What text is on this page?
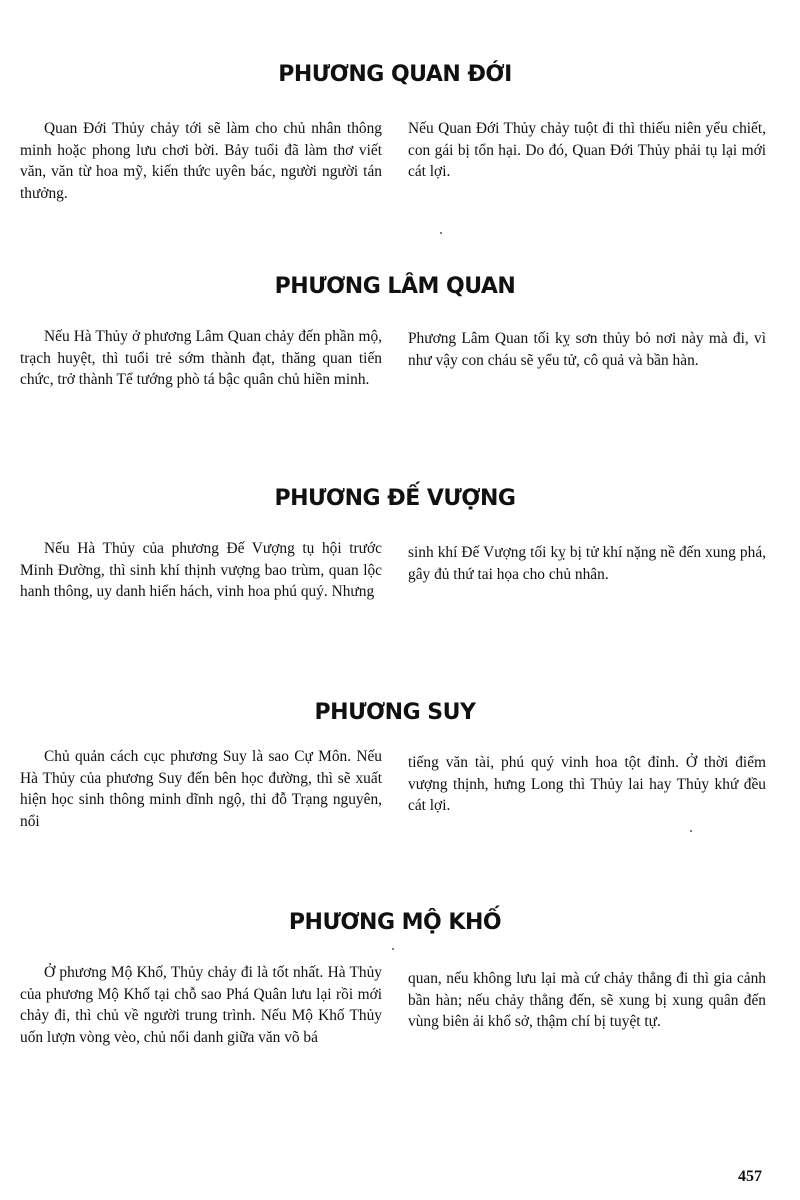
PHƯƠNG QUAN ĐỚI

Quan Đới Thủy chảy tới sẽ làm cho chủ nhân thông minh hoặc phong lưu chơi bời. Bảy tuổi đã làm thơ viết văn, văn từ hoa mỹ, kiến thức uyên bác, người người tán thưởng.

Nếu Quan Đới Thủy chảy tuột đi thì thiếu niên yểu chiết, con gái bị tổn hại. Do đó, Quan Đới Thủy phải tụ lại mới cát lợi.

PHƯƠNG LÂM QUAN

Nếu Hà Thủy ở phương Lâm Quan chảy đến phần mộ, trạch huyệt, thì tuổi trẻ sớm thành đạt, thăng quan tiến chức, trở thành Tể tướng phò tá bậc quân chủ hiền minh.

Phương Lâm Quan tối kỵ sơn thủy bỏ nơi này mà đi, vì như vậy con cháu sẽ yểu tử, cô quả và bần hàn.

PHƯƠNG ĐẾ VƯỢNG

Nếu Hà Thủy của phương Đế Vượng tụ hội trước Minh Đường, thì sinh khí thịnh vượng bao trùm, quan lộc hanh thông, uy danh hiển hách, vinh hoa phú quý. Nhưng

sinh khí Đế Vượng tối kỵ bị tử khí nặng nề đến xung phá, gây đủ thứ tai họa cho chủ nhân.

PHƯƠNG SUY

Chủ quản cách cục phương Suy là sao Cự Môn. Nếu Hà Thủy của phương Suy đến bên học đường, thì sẽ xuất hiện học sinh thông minh dĩnh ngộ, thi đỗ Trạng nguyên, nổi

tiếng văn tài, phú quý vinh hoa tột đỉnh. Ở thời điểm vượng thịnh, hưng Long thì Thủy lai hay Thủy khứ đều cát lợi.

PHƯƠNG MỘ KHỐ

Ở phương Mộ Khố, Thủy chảy đi là tốt nhất. Hà Thủy của phương Mộ Khố tại chỗ sao Phá Quân lưu lại rồi mới chảy đi, thì chủ về người trung trình. Nếu Mộ Khố Thủy uốn lượn vòng vèo, chủ nổi danh giữa văn võ bá

quan, nếu không lưu lại mà cứ chảy thẳng đi thì gia cảnh bần hàn; nếu chảy thẳng đến, sẽ xung bị xung quân đến vùng biên ải khổ sở, thậm chí bị tuyệt tự.

457
